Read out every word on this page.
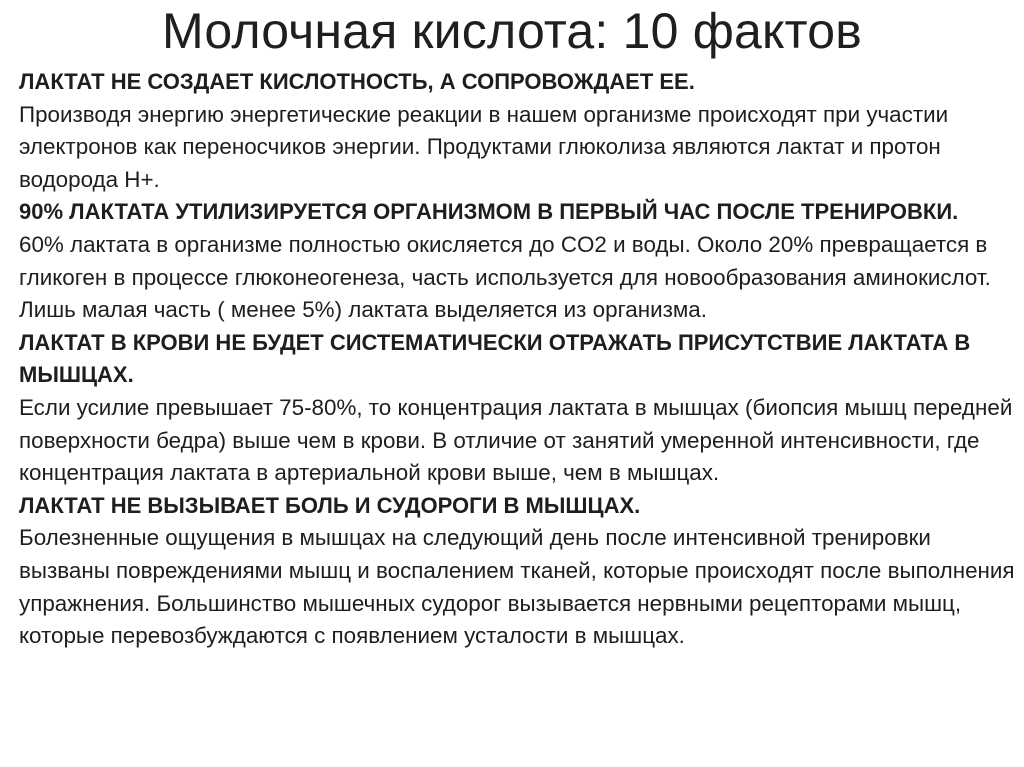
Молочная кислота: 10 фактов

ЛАКТАТ НЕ СОЗДАЕТ КИСЛОТНОСТЬ, А СОПРОВОЖДАЕТ ЕЕ.

Производя энергию энергетические реакции в нашем организме происходят при участии электронов как переносчиков энергии. Продуктами глюколиза являются лактат и протон водорода H+.

90% ЛАКТАТА УТИЛИЗИРУЕТСЯ ОРГАНИЗМОМ В ПЕРВЫЙ ЧАС ПОСЛЕ ТРЕНИРОВКИ.

60% лактата в организме полностью окисляется до CO2 и воды. Около 20% превращается в гликоген в процессе глюконеогенеза, часть используется для новообразования аминокислот. Лишь малая часть ( менее 5%) лактата выделяется из организма.

ЛАКТАТ В КРОВИ НЕ БУДЕТ СИСТЕМАТИЧЕСКИ ОТРАЖАТЬ ПРИСУТСТВИЕ ЛАКТАТА В МЫШЦАХ.

Если усилие превышает 75-80%, то концентрация лактата в мышцах (биопсия мышц передней поверхности бедра) выше чем в крови. В отличие от занятий умеренной интенсивности, где концентрация лактата в артериальной крови выше, чем в мышцах.

ЛАКТАТ НЕ ВЫЗЫВАЕТ БОЛЬ И СУДОРОГИ В МЫШЦАХ.

Болезненные ощущения в мышцах на следующий день после интенсивной тренировки вызваны повреждениями мышц и воспалением тканей, которые происходят после выполнения упражнения. Большинство мышечных судорог вызывается нервными рецепторами мышц, которые перевозбуждаются с появлением усталости в мышцах.
